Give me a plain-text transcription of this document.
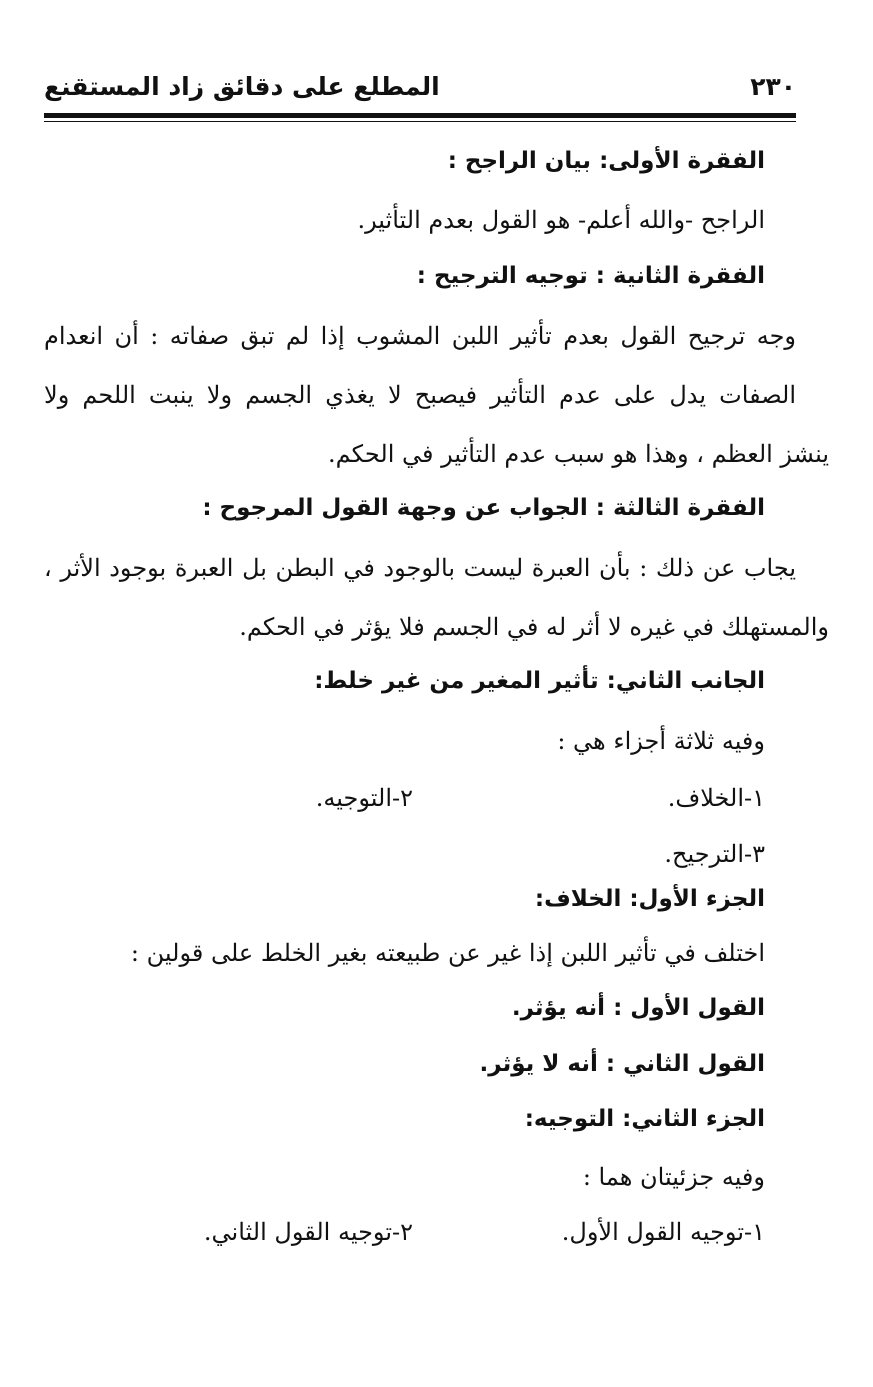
المطلع على دقائق زاد المستقنع	٢٣٠
الفقرة الأولى: بيان الراجح :
الراجح -والله أعلم- هو القول بعدم التأثير.
الفقرة الثانية : توجيه الترجيح :
وجه ترجيح القول بعدم تأثير اللبن المشوب إذا لم تبق صفاته : أن انعدام
الصفات يدل على عدم التأثير فيصبح لا يغذي الجسم ولا ينبت اللحم ولا
ينشز العظم ، وهذا هو سبب عدم التأثير في الحكم.
الفقرة الثالثة : الجواب عن وجهة القول المرجوح :
يجاب عن ذلك : بأن العبرة ليست بالوجود في البطن بل العبرة بوجود الأثر ،
والمستهلك في غيره لا أثر له في الجسم فلا يؤثر في الحكم.
الجانب الثاني: تأثير المغير من غير خلط:
وفيه ثلاثة أجزاء هي :
١-الخلاف.
٢-التوجيه.
٣-الترجيح.
الجزء الأول: الخلاف:
اختلف في تأثير اللبن إذا غير عن طبيعته بغير الخلط على قولين :
القول الأول : أنه يؤثر.
القول الثاني : أنه لا يؤثر.
الجزء الثاني: التوجيه:
وفيه جزئيتان هما :
١-توجيه القول الأول.
٢-توجيه القول الثاني.
